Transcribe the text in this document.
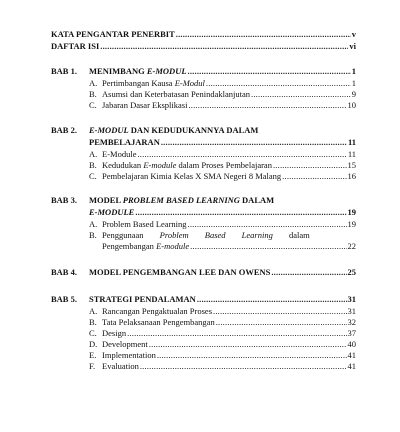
KATA PENGANTAR PENERBIT .....	v
DAFTAR ISI .....	vi
BAB 1.	MENIMBANG E-MODUL .....	1
A. Pertimbangan Kausa E-Modul .....	1
B. Asumsi dan Keterbatasan Penindaklanjutan .....	9
C. Jabaran Dasar Eksplikasi .....	10
BAB 2.	E-MODUL DAN KEDUDUKANNYA DALAM
PEMBELAJARAN .....	11
A. E-Module .....	11
B. Kedudukan E-module dalam Proses Pembelajaran .....	15
C. Pembelajaran Kimia Kelas X SMA Negeri 8 Malang .....	16
BAB 3.	MODEL PROBLEM BASED LEARNING DALAM
E-MODULE .....	19
A. Problem Based Learning .....	19
B. Penggunaan Problem Based Learning dalam
Pengembangan E-module .....	22
BAB 4.	MODEL PENGEMBANGAN LEE DAN OWENS .....	25
BAB 5.	STRATEGI PENDALAMAN .....	31
A. Rancangan Pengaktualan Proses .....	31
B. Tata Pelaksanaan Pengembangan .....	32
C. Design .....	37
D. Development .....	40
E. Implementation .....	41
F. Evaluation .....	41
